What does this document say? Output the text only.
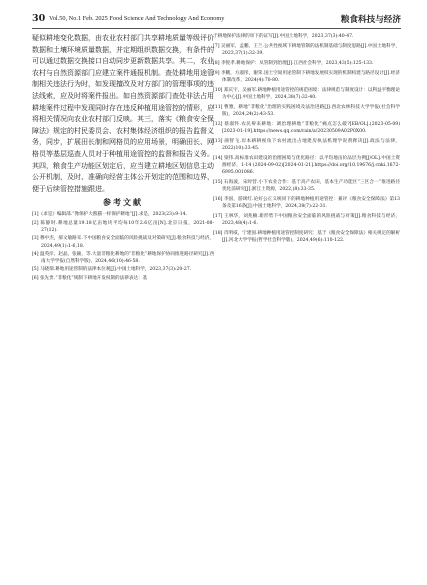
30 Vol.50, No.1 Feb. 2025 Food Science And Technology And Economy	粮食科技与经济

疑似耕地变化数据，由农业农村部门共享耕地质量等级评价数据和土壤环境质量数据，并定期组织数据交换，有条件的可以通过数据交换接口自动同步更新数据共享。其二，农业农村与自然资源部门应建立案件通报机制。查处耕地用途管制相关违法行为时，如发现擅改及对方部门的管理事项的违法线索，应及时将案件报出。如自然资源部门查处非法占用耕地案件过程中发现同时存在违反种植用途管控的情形，应将相关情况向农业农村部门反映。其三，落实《粮食安全保障法》规定的村民委员会、农村集体经济组织的报告监督义务，同步，扩展田长制和网格员的应用场景，明确田长、网格员等基层巡查人员对于种植用途管控的监督和报告义务。其四，粮食生产功能区划定后，应当建立耕地区划信息主动公开机制，及时、准确向经营主体公开划定的范围和边界，便于后续管控措施跟进。

参考文献

[1]《求是》编辑部.“像保护大熊猫一样保护耕地”[J].求是，2023(23):9-14.

[2] 陈静时.耕地总量19.18亿亩地块平均每10年2.6亿亩[N].北京日报，2021-08-27(12).

[3] 穆中杰，郝文敏路耳.下中国粮食安全面临的风险挑战及对策研究[J].粮食科技与经济，2024,49(1):1-6,18.

[4] 温英岸，赵晶，张颖，等.大量非粮化耕地的“非粮化”耕地保护协同推进路径研究[J].西南大学学报(自然科学版)，2024,46(10):46-58.

[5] 马晓瑞.耕地用途管制的法律本位观[J].中国土地科学，2023,37(3):20-27.

[6] 张先贵.“非粮化”规制下耕地开发权制的法律表达：基

于耕地保护法律的审下的证写[J].中国土地科学，2023,37(3):40-47.

[7] 吴丽军，孟鹏，王兰.公共性视域下耕地管制的法机制基础与制度思路[J].中国土地科学，2023,37(1):32-39.

[8] 李悦孝.耕地保护：从管制到治理[J].江西社会科学，2023,43(5):125-133.

[9] 李鹏，方淑彤，谢荣.国土空间用途管制下耕地发展权实现的机制构建与路径设计[J].经济体制改革，2024(4):70-80.

[10] 郑庆宇，吴丽军.耕地种植用途管控的规范困境：法律规范与制度设计：以利益平衡理论为中心[J].中国土地科学，2024,38(7):32-40.

[11] 曹雅，耕地“非粮化”治理的实践困境及法治进路[J].西北农林科技大学学报(社会科学版)，2024,24(2):43-53.

[12] 蔡淑怀.农民辩来耕地：调治理耕地“非粮化”痛点怎么破?[EB/OL].(2023-05-09)[2023-01-19].https://news.qq.com/rain/a/20230509A02P0X00.

[13] 颜智飞.岸本耕耕视角下农村流出占地建房执法机理学说剂释决[J].政法与法律，2022(10):33-45.

[14] 梁伟.高标准农田建设的治理困境与优化路径：以平均地亩价品层为例[J/OL].中国土资源经济，1-14 (2024-09-02)[2024-01-21].https://doi.org/10.19676/j.cnki.1672-6995.001086.

[15] 石海波，宋时营.小下农业合作：基于高产农田，基本生产功能区“三区合一”推进路径优化前研究[J].浙江土资源，2022,(8):33-35.

[16] 李国，游颂红.论好公正义统同下的耕地种植用途管控：兼评《粮食安全保障法》第13条及第16条[J].中国土地科学，2024,38(7):22-31.

[17] 王林华，刘兆楠.新形势下中国粮食安全面临的风险挑战与对策[J].粮食科技与经济，2023,48(4):1-6.

[18] 肖明威，宁建国.耕地种植用途管控制度研究：基于《粮食安全保障法》相关规定的解析[J].河北大学学报(哲学社会科学版)，2024,49(6):110-122.
